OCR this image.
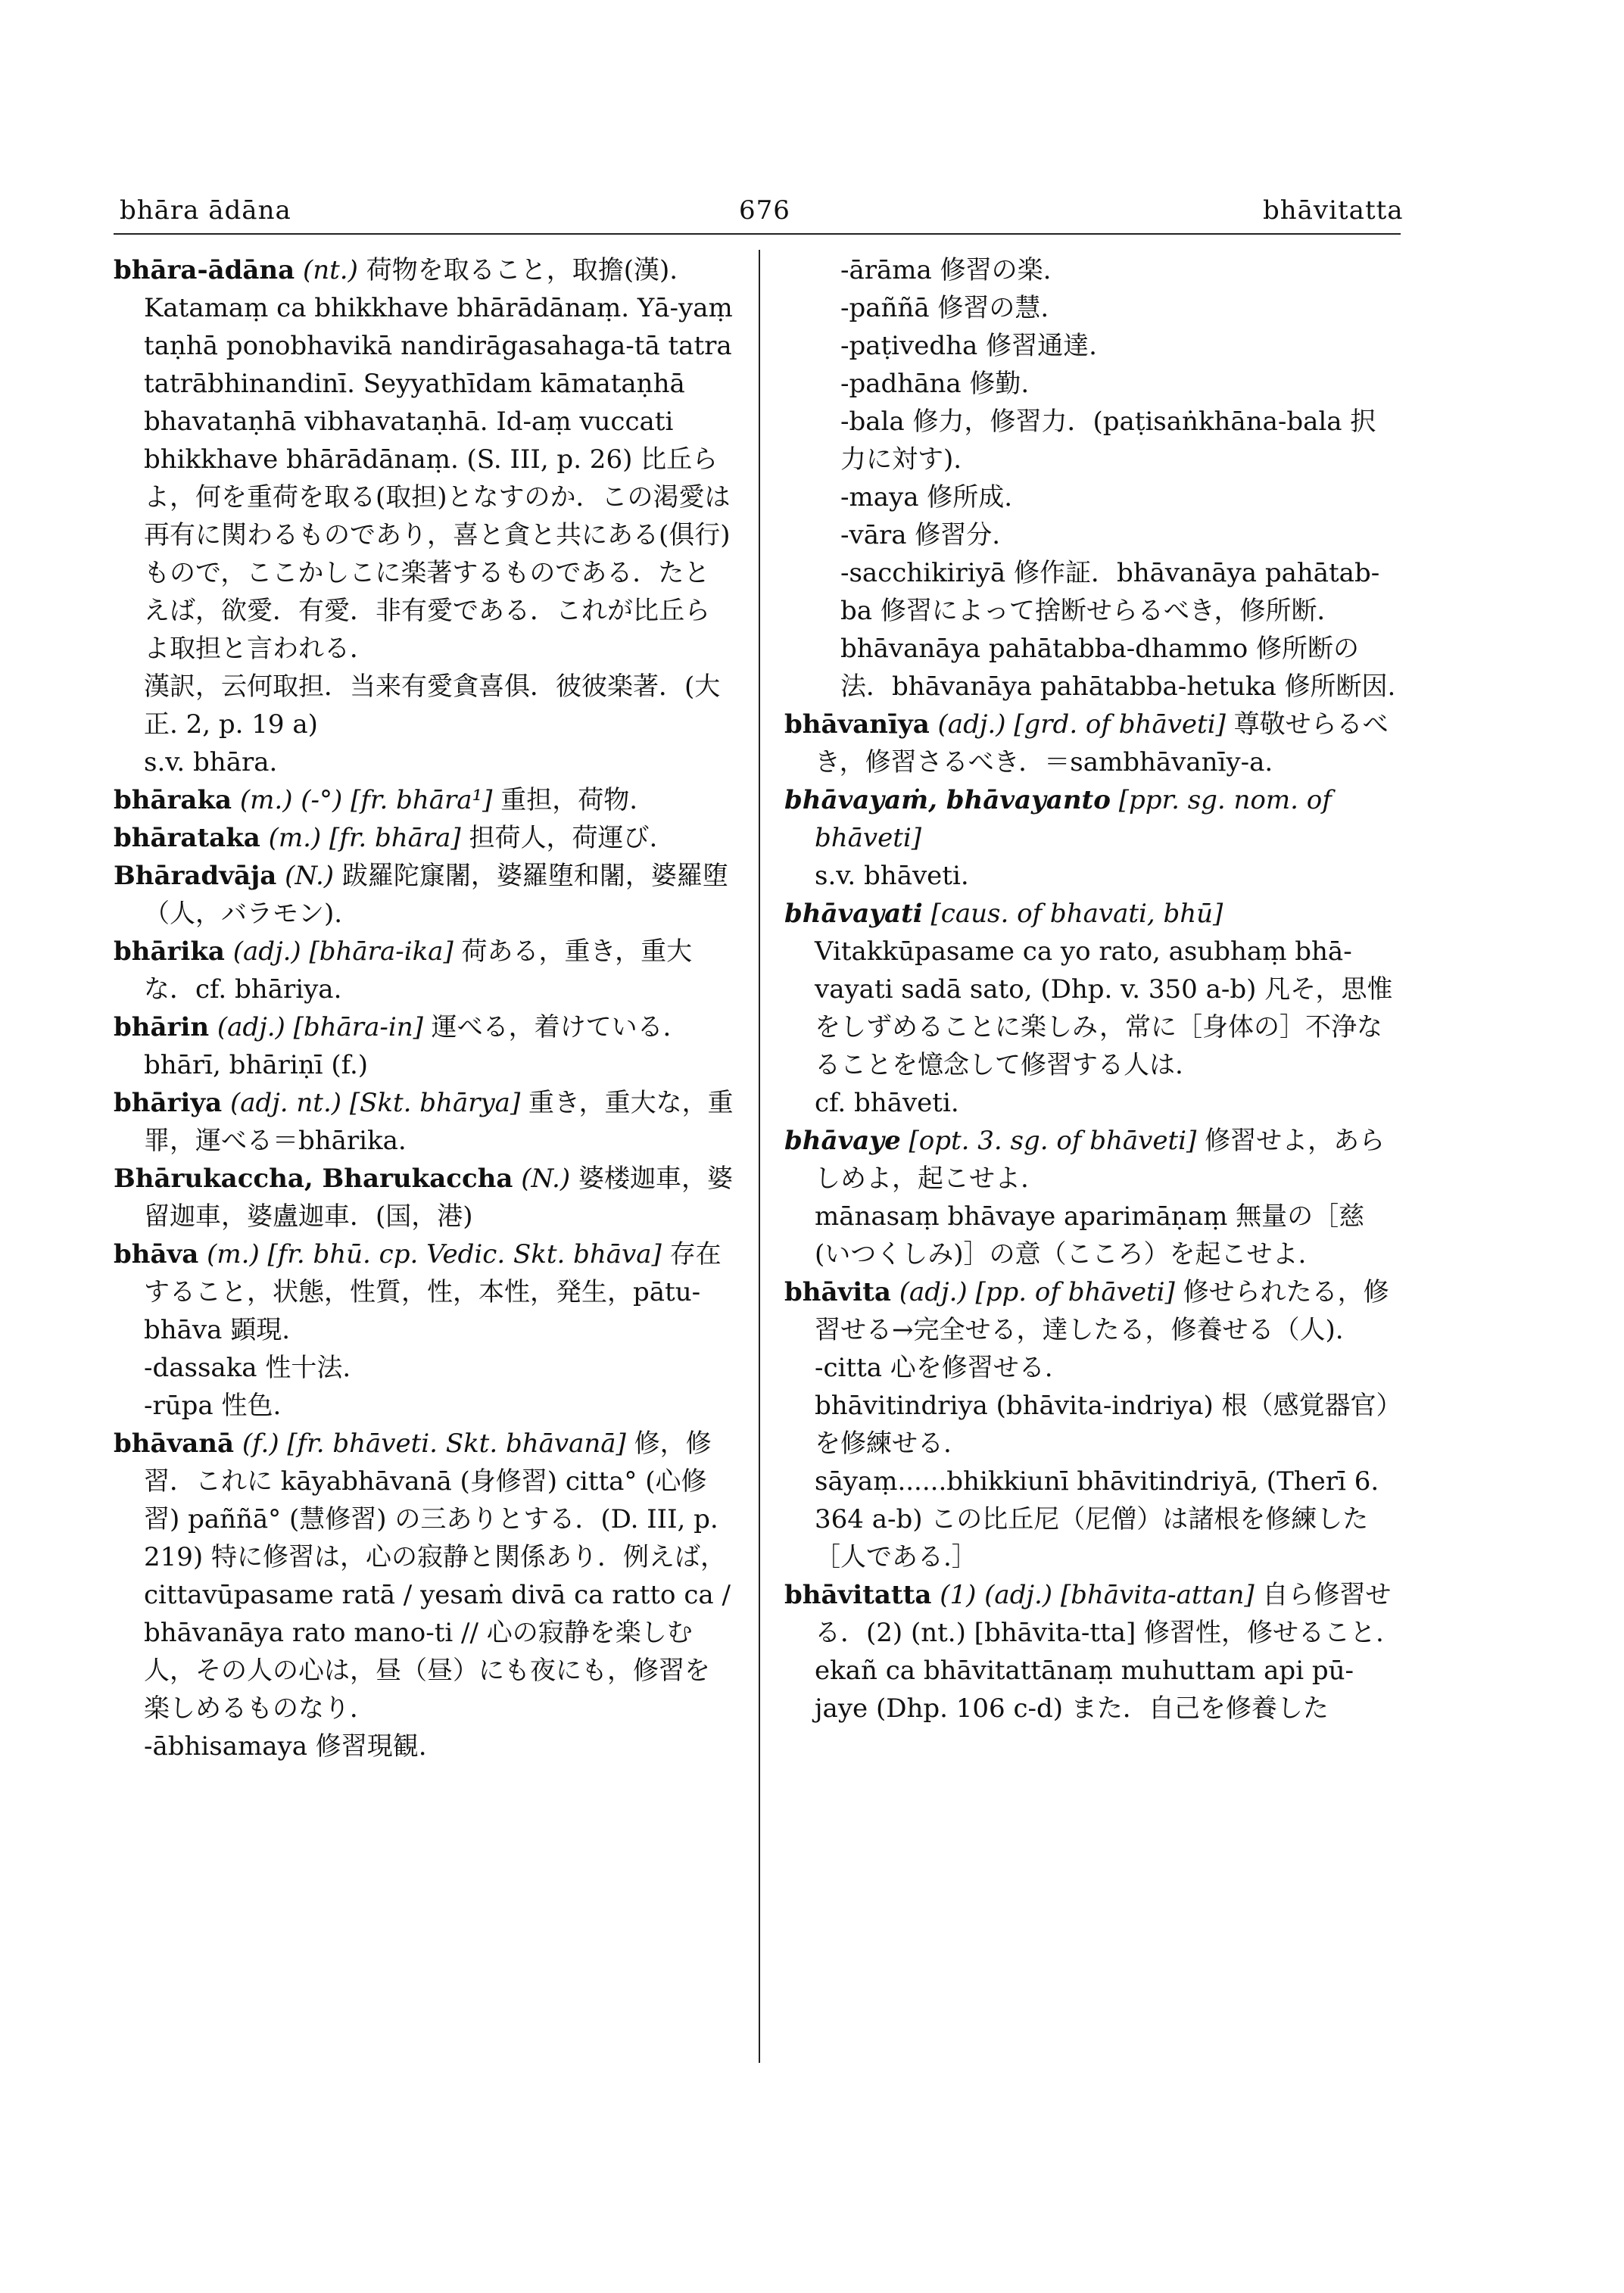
bhāra ādāna	676	bhāvitatta
bhāra-ādāna (nt.) 荷物を取ること，取擔(漢).
Katamaṃ ca bhikkhave bhārādānaṃ. Yā-yaṃ taṇhā ponobhavikā nandirāgasahaga-tā tatra tatrābhinandinī. Seyyathīdam kāmataṇhā bhavataṇhā vibhavataṇhā. Id-aṃ vuccati bhikkhave bhārādānaṃ. (S. III, p. 26) 比丘らよ，何を重荷を取る(取担)となすのか．この渇愛は再有に関わるものであり，喜と貪と共にある(俱行)もので，ここかしこに楽著するものである．たとえば，欲愛．有愛．非有愛である．これが比丘らよ取担と言われる．
漢訳，云何取担．当来有愛貪喜俱．彼彼楽著．(大正. 2, p. 19 a)
s.v. bhāra.
bhāraka (m.) (-°) [fr. bhāra¹] 重担，荷物.
bhārataka (m.) [fr. bhāra] 担荷人，荷運び.
Bhāradvāja (N.) 跋羅陀䆲闍，婆羅堕和闍，婆羅堕（人，バラモン).
bhārika (adj.) [bhāra-ika] 荷ある，重き，重大な．cf. bhāriya.
bhārin (adj.) [bhāra-in] 運べる，着けている．bhārī, bhāriṇī (f.)
bhāriya (adj. nt.) [Skt. bhārya] 重き，重大な，重罪，運べる＝bhārika.
Bhārukaccha, Bharukaccha (N.) 婆楼迦車，婆留迦車，婆盧迦車．(国，港)
bhāva (m.) [fr. bhū. cp. Vedic. Skt. bhāva] 存在すること，状態，性質，性，本性，発生，pātu-bhāva 顕現.
-dassaka 性十法.
-rūpa 性色.
bhāvanā (f.) [fr. bhāveti. Skt. bhāvanā] 修，修習．これに kāyabhāvanā (身修習) citta° (心修習) paññā° (慧修習) の三ありとする．(D. III, p. 219) 特に修習は，心の寂静と関係あり．例えば，
cittavūpasame ratā / yesaṁ divā ca ratto ca / bhāvanāya rato mano-ti // 心の寂静を楽しむ人，その人の心は，昼（昼）にも夜にも，修習を楽しめるものなり．
-ābhisamaya 修習現観.
-ārāma 修習の楽.
-paññā 修習の慧.
-paṭivedha 修習通達.
-padhāna 修勤.
-bala 修力，修習力．(paṭisaṅkhāna-bala 択力に対す).
-maya 修所成.
-vāra 修習分.
-sacchikiriyā 修作証．bhāvanāya pahātab-ba 修習によって捨断せらるべき，修所断．bhāvanāya pahātabba-dhammo 修所断の法．bhāvanāya pahātabba-hetuka 修所断因.
bhāvanīya (adj.) [grd. of bhāveti] 尊敬せらるべき，修習さるべき．＝sambhāvanīy-a.
bhāvayaṁ, bhāvayanto [ppr. sg. nom. of bhāveti]
s.v. bhāveti.
bhāvayati [caus. of bhavati, bhū]
Vitakkūpasame ca yo rato, asubhaṃ bhā-vayati sadā sato, (Dhp. v. 350 a-b) 凡そ，思惟をしずめることに楽しみ，常に［身体の］不浄なることを憶念して修習する人は.
cf. bhāveti.
bhāvaye [opt. 3. sg. of bhāveti] 修習せよ，あらしめよ，起こせよ.
mānasaṃ bhāvaye aparimāṇaṃ 無量の［慈(いつくしみ)］の意（こころ）を起こせよ.
bhāvita (adj.) [pp. of bhāveti] 修せられたる，修習せる→完全せる，達したる，修養せる（人).
-citta 心を修習せる.
bhāvitindriya (bhāvita-indriya) 根（感覚器官）を修練せる.
sāyaṃ......bhikkiunī bhāvitindriyā, (Therī 6. 364 a-b) この比丘尼（尼僧）は諸根を修練した［人である.］
bhāvitatta (1) (adj.) [bhāvita-attan] 自ら修習せる．(2) (nt.) [bhāvita-tta] 修習性，修せること.
ekañ ca bhāvitattānaṃ muhuttam api pū-jaye (Dhp. 106 c-d) また．自己を修養した
